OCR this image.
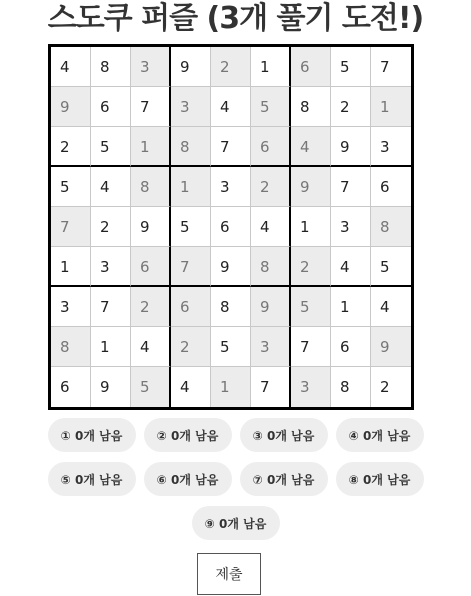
스도쿠 퍼즐 (3개 풀기 도전!)
4	8	3	9	2	1	6	5	7
9	6	7	3	4	5	8	2	1
2	5	1	8	7	6	4	9	3
5	4	8	1	3	2	9	7	6
7	2	9	5	6	4	1	3	8
1	3	6	7	9	8	2	4	5
3	7	2	6	8	9	5	1	4
8	1	4	2	5	3	7	6	9
6	9	5	4	1	7	3	8	2
① 0개 남음	② 0개 남음	③ 0개 남음	④ 0개 남음
⑤ 0개 남음	⑥ 0개 남음	⑦ 0개 남음	⑧ 0개 남음
⑨ 0개 남음
제출
